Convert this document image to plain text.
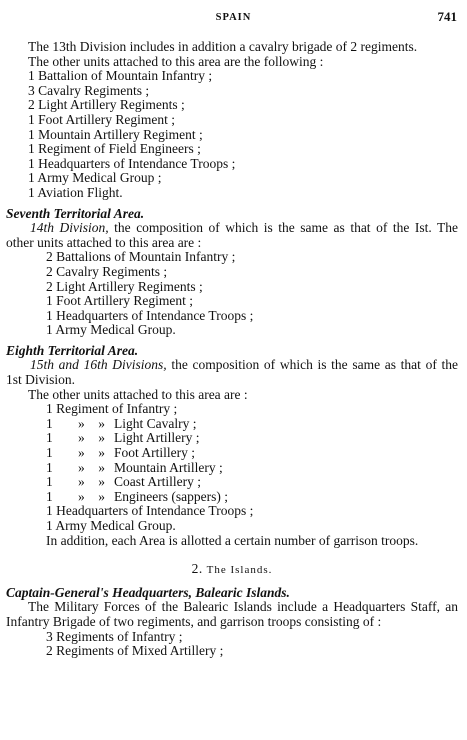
SPAIN	741

The 13th Division includes in addition a cavalry brigade of 2 regiments.

The other units attached to this area are the following :

1 Battalion of Mountain Infantry ;

3 Cavalry Regiments ;

2 Light Artillery Regiments ;

1 Foot Artillery Regiment ;

1 Mountain Artillery Regiment ;

1 Regiment of Field Engineers ;

1 Headquarters of Intendance Troops ;

1 Army Medical Group ;

1 Aviation Flight.

Seventh Territorial Area.

14th Division, the composition of which is the same as that of the Ist. The other units attached to this area are :

2 Battalions of Mountain Infantry ;

2 Cavalry Regiments ;

2 Light Artillery Regiments ;

1 Foot Artillery Regiment ;

1 Headquarters of Intendance Troops ;

1 Army Medical Group.

Eighth Territorial Area.

15th and 16th Divisions, the composition of which is the same as that of the 1st Division.

The other units attached to this area are :

1 Regiment of Infantry ;

1	»    » Light Cavalry ;
1	»    » Light Artillery ;
1	»    » Foot Artillery ;
1	»    » Mountain Artillery ;
1	»    » Coast Artillery ;
1	»    » Engineers (sappers) ;

1 Headquarters of Intendance Troops ;

1 Army Medical Group.

In addition, each Area is allotted a certain number of garrison troops.

2. The Islands.

Captain-General's Headquarters, Balearic Islands.

The Military Forces of the Balearic Islands include a Headquarters Staff, an Infantry Brigade of two regiments, and garrison troops consisting of :

3 Regiments of Infantry ;

2 Regiments of Mixed Artillery ;
